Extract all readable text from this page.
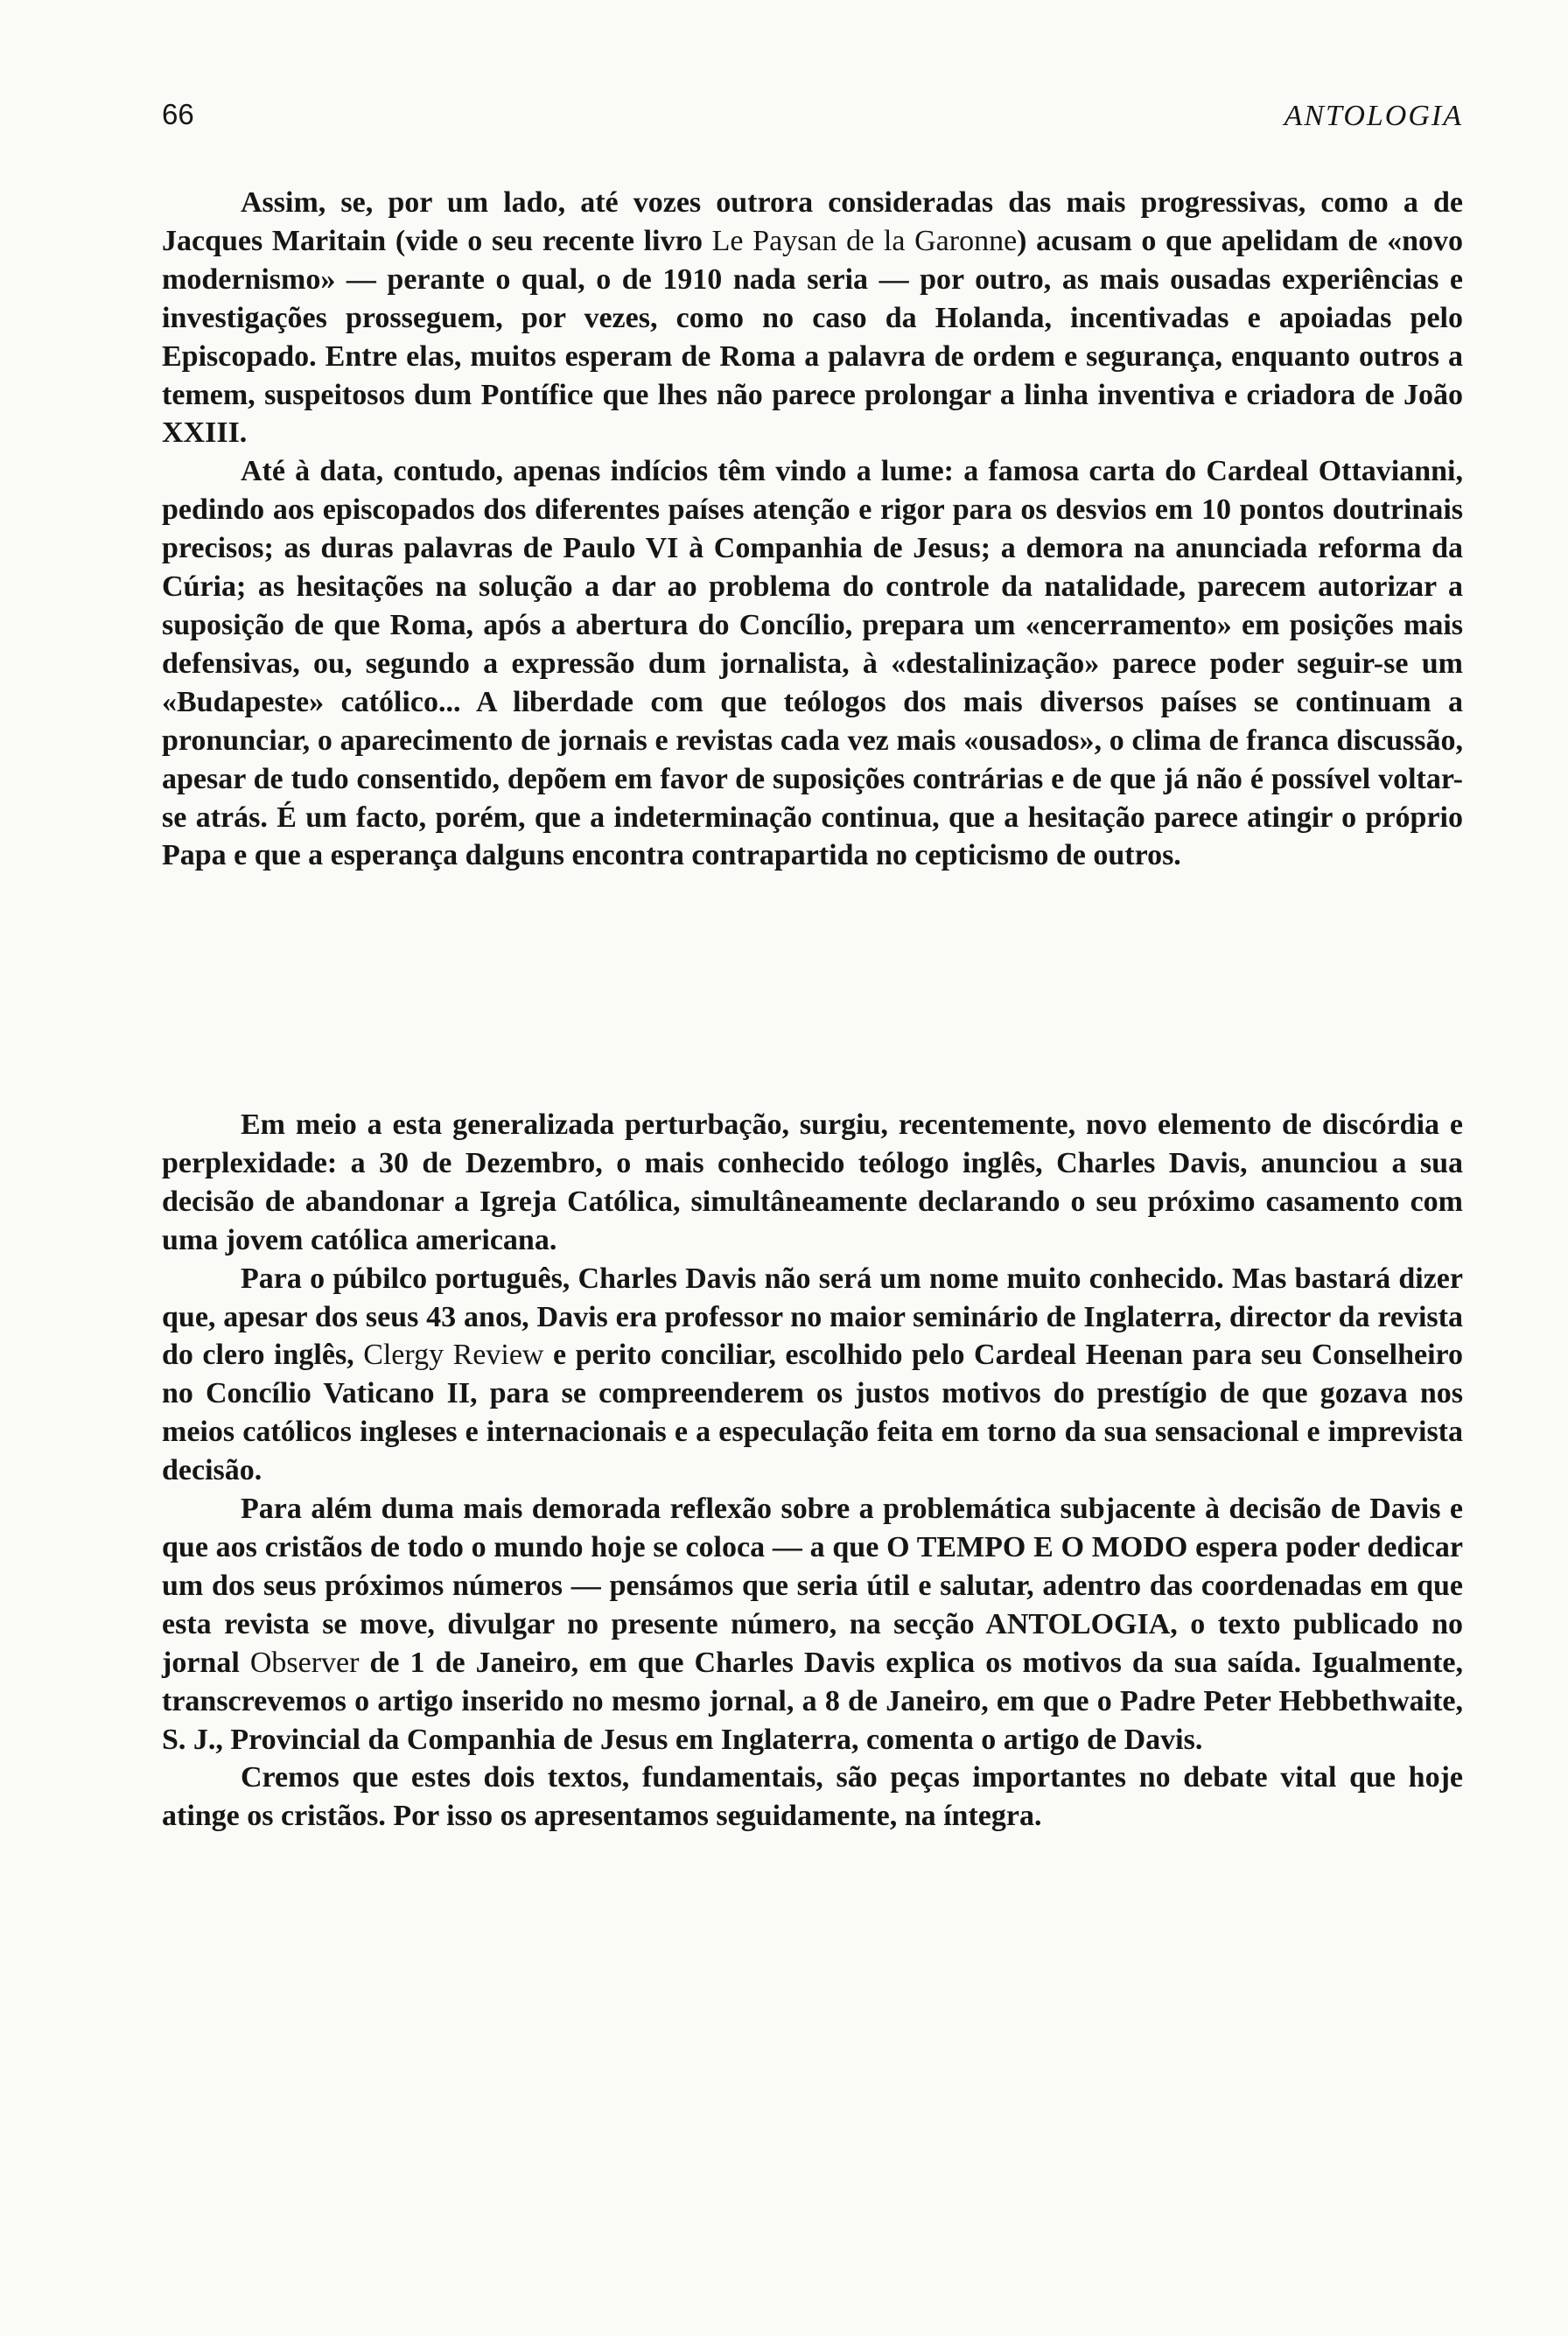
66	ANTOLOGIA

Assim, se, por um lado, até vozes outrora consideradas das mais progressivas, como a de Jacques Maritain (vide o seu recente livro Le Paysan de la Garonne) acusam o que apelidam de «novo modernismo» — perante o qual, o de 1910 nada seria — por outro, as mais ousadas experiências e investigações prosseguem, por vezes, como no caso da Holanda, incentivadas e apoiadas pelo Episcopado. Entre elas, muitos esperam de Roma a palavra de ordem e segurança, enquanto outros a temem, suspeitosos dum Pontífice que lhes não parece prolongar a linha inventiva e criadora de João XXIII.

Até à data, contudo, apenas indícios têm vindo a lume: a famosa carta do Cardeal Ottavianni, pedindo aos episcopados dos diferentes países atenção e rigor para os desvios em 10 pontos doutrinais precisos; as duras palavras de Paulo VI à Companhia de Jesus; a demora na anunciada reforma da Cúria; as hesitações na solução a dar ao problema do controle da natalidade, parecem autorizar a suposição de que Roma, após a abertura do Concílio, prepara um «encerramento» em posições mais defensivas, ou, segundo a expressão dum jornalista, à «destalinização» parece poder seguir-se um «Budapeste» católico... A liberdade com que teólogos dos mais diversos países se continuam a pronunciar, o aparecimento de jornais e revistas cada vez mais «ousados», o clima de franca discussão, apesar de tudo consentido, depõem em favor de suposições contrárias e de que já não é possível voltar-se atrás. É um facto, porém, que a indeterminação continua, que a hesitação parece atingir o próprio Papa e que a esperança dalguns encontra contrapartida no cepticismo de outros.

Em meio a esta generalizada perturbação, surgiu, recentemente, novo elemento de discórdia e perplexidade: a 30 de Dezembro, o mais conhecido teólogo inglês, Charles Davis, anunciou a sua decisão de abandonar a Igreja Católica, simultâneamente declarando o seu próximo casamento com uma jovem católica americana.

Para o púbilco português, Charles Davis não será um nome muito conhecido. Mas bastará dizer que, apesar dos seus 43 anos, Davis era professor no maior seminário de Inglaterra, director da revista do clero inglês, Clergy Review e perito conciliar, escolhido pelo Cardeal Heenan para seu Conselheiro no Concílio Vaticano II, para se compreenderem os justos motivos do prestígio de que gozava nos meios católicos ingleses e internacionais e a especulação feita em torno da sua sensacional e imprevista decisão.

Para além duma mais demorada reflexão sobre a problemática subjacente à decisão de Davis e que aos cristãos de todo o mundo hoje se coloca — a que O TEMPO E O MODO espera poder dedicar um dos seus próximos números — pensámos que seria útil e salutar, adentro das coordenadas em que esta revista se move, divulgar no presente número, na secção ANTOLOGIA, o texto publicado no jornal Observer de 1 de Janeiro, em que Charles Davis explica os motivos da sua saída. Igualmente, transcrevemos o artigo inserido no mesmo jornal, a 8 de Janeiro, em que o Padre Peter Hebbethwaite, S. J., Provincial da Companhia de Jesus em Inglaterra, comenta o artigo de Davis.

Cremos que estes dois textos, fundamentais, são peças importantes no debate vital que hoje atinge os cristãos. Por isso os apresentamos seguidamente, na íntegra.
